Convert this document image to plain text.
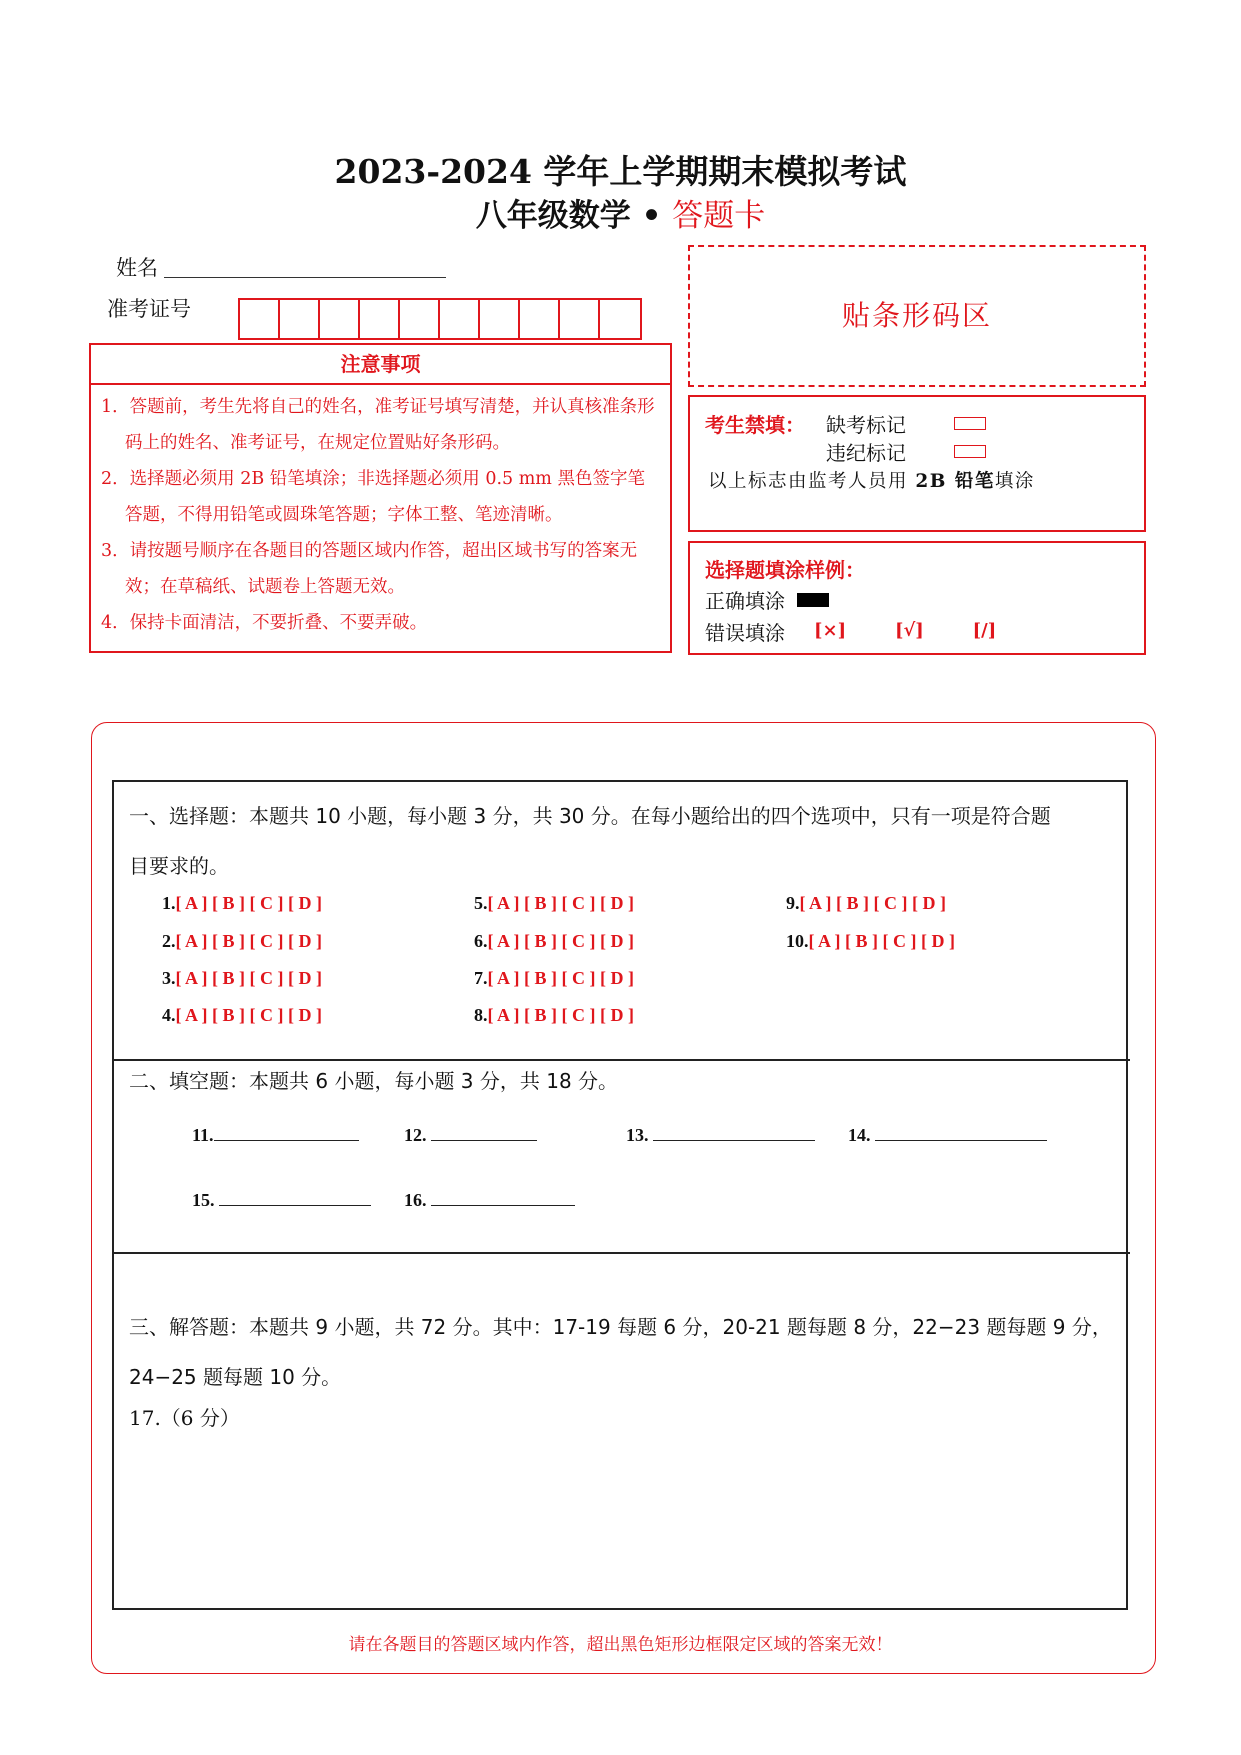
2023-2024 学年上学期期末模拟考试
八年级数学 • 答题卡
姓名
准考证号
注意事项
1．答题前，考生先将自己的姓名，准考证号填写清楚，并认真核准条形码上的姓名、准考证号，在规定位置贴好条形码。
2．选择题必须用 2B 铅笔填涂；非选择题必须用 0.5 mm 黑色签字笔答题，不得用铅笔或圆珠笔答题；字体工整、笔迹清晰。
3．请按题号顺序在各题目的答题区域内作答，超出区域书写的答案无效；在草稿纸、试题卷上答题无效。
4．保持卡面清洁，不要折叠、不要弄破。
贴条形码区
考生禁填： 缺考标记
违纪标记
以上标志由监考人员用 2B 铅笔填涂
选择题填涂样例：
正确填涂
错误填涂 [×]	[√]	[/]
一、选择题：本题共 10 小题，每小题 3 分，共 30 分。在每小题给出的四个选项中，只有一项是符合题
目要求的。
1.[ A ] [ B ] [ C ] [ D ]
2.[ A ] [ B ] [ C ] [ D ]
3.[ A ] [ B ] [ C ] [ D ]
4.[ A ] [ B ] [ C ] [ D ]
5.[ A ] [ B ] [ C ] [ D ]
6.[ A ] [ B ] [ C ] [ D ]
7.[ A ] [ B ] [ C ] [ D ]
8.[ A ] [ B ] [ C ] [ D ]
9.[ A ] [ B ] [ C ] [ D ]
10.[ A ] [ B ] [ C ] [ D ]
二、填空题：本题共 6 小题，每小题 3 分，共 18 分。
11.	12.	13.	14.
15.	16.
三、解答题：本题共 9 小题，共 72 分。其中：17-19 每题 6 分，20-21 题每题 8 分，22−23 题每题 9 分，
24−25 题每题 10 分。
17.（6 分）
请在各题目的答题区域内作答，超出黑色矩形边框限定区域的答案无效！
